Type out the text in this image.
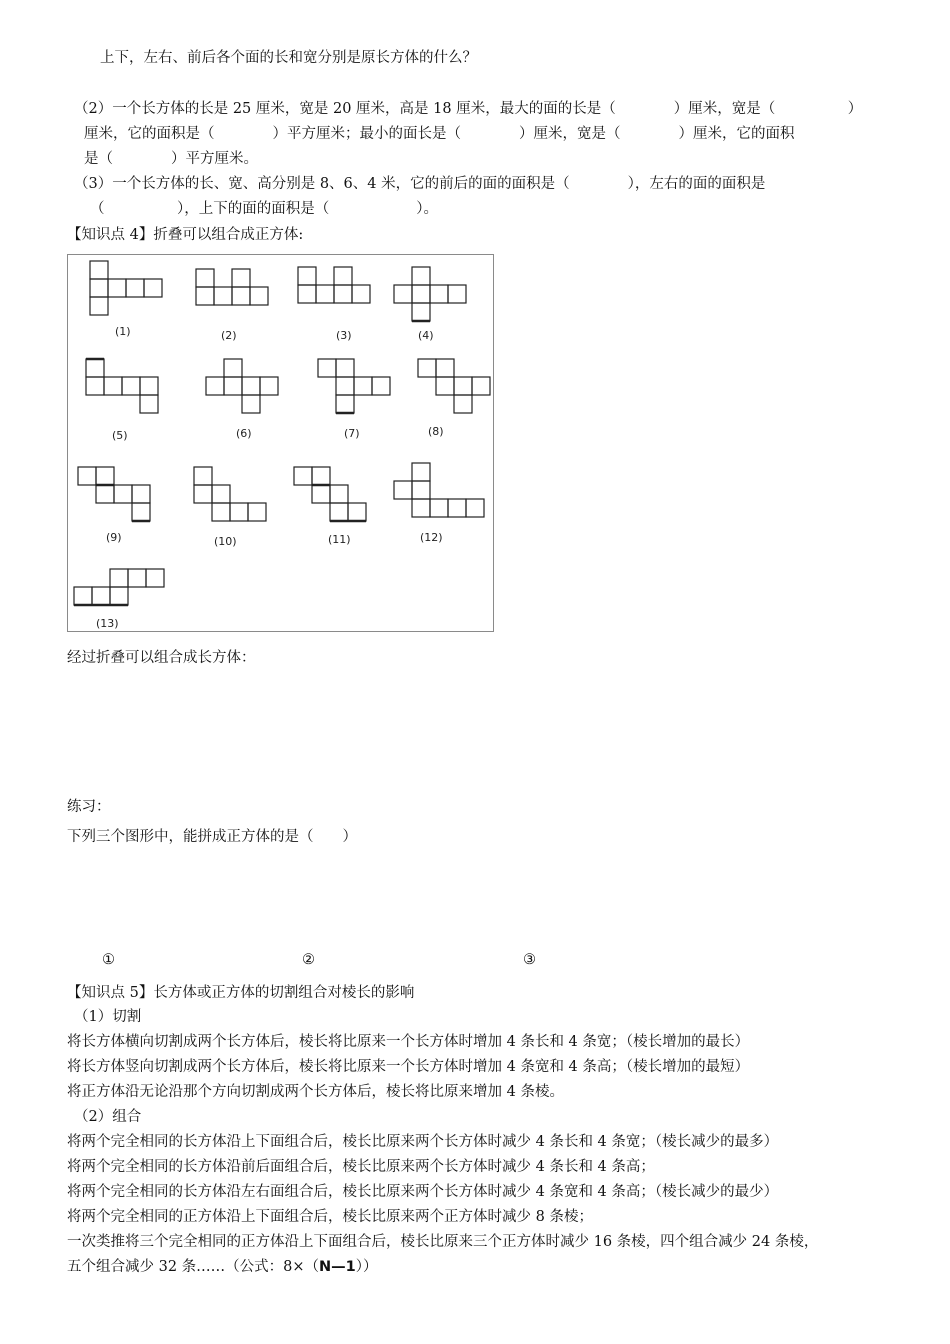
上下，左右、前后各个面的长和宽分别是原长方体的什么？
（2）一个长方体的长是 25 厘米，宽是 20 厘米，高是 18 厘米，最大的面的长是（　　　　）厘米，宽是（　　　　　）
厘米，它的面积是（　　　　）平方厘米；最小的面长是（　　　　）厘米，宽是（　　　　）厘米，它的面积
是（　　　　）平方厘米。
（3）一个长方体的长、宽、高分别是 8、6、4 米，它的前后的面的面积是（　　　　），左右的面的面积是
（　　　　　），上下的面的面积是（　　　　　　）。
【知识点 4】折叠可以组合成正方体:
(1)	(2)	(3)	(4)
(5)	(6)	(7)	(8)
(9)	(10)	(11)	(12)
(13)
经过折叠可以组合成长方体：
练习：
下列三个图形中，能拼成正方体的是（　　）
①	②	③
【知识点 5】长方体或正方体的切割组合对棱长的影响
（1）切割
将长方体横向切割成两个长方体后，棱长将比原来一个长方体时增加 4 条长和 4 条宽；（棱长增加的最长）
将长方体竖向切割成两个长方体后，棱长将比原来一个长方体时增加 4 条宽和 4 条高；（棱长增加的最短）
将正方体沿无论沿那个方向切割成两个长方体后，棱长将比原来增加 4 条棱。
（2）组合
将两个完全相同的长方体沿上下面组合后，棱长比原来两个长方体时减少 4 条长和 4 条宽；（棱长减少的最多）
将两个完全相同的长方体沿前后面组合后，棱长比原来两个长方体时减少 4 条长和 4 条高；
将两个完全相同的长方体沿左右面组合后，棱长比原来两个长方体时减少 4 条宽和 4 条高；（棱长减少的最少）
将两个完全相同的正方体沿上下面组合后，棱长比原来两个正方体时减少 8 条棱；
一次类推将三个完全相同的正方体沿上下面组合后，棱长比原来三个正方体时减少 16 条棱，四个组合减少 24 条棱，
五个组合减少 32 条……（公式：8×（N—1））
